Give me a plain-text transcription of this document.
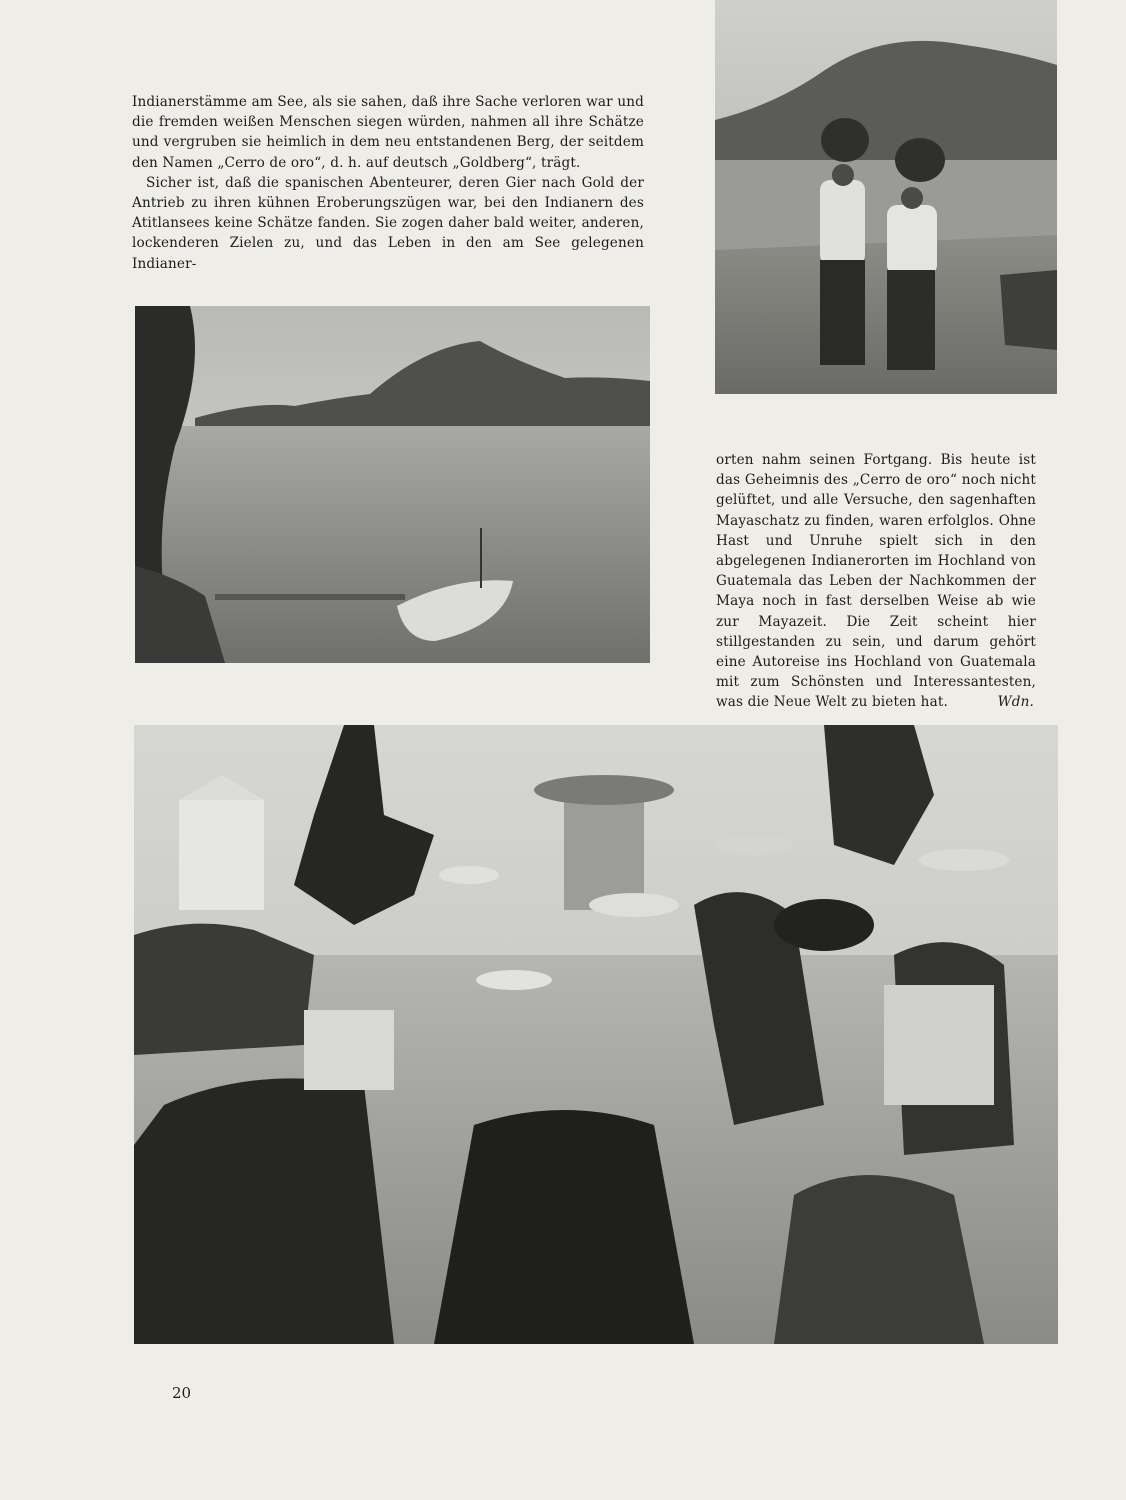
Indianerstämme am See, als sie sahen, daß ihre Sache verloren war und die fremden weißen Menschen siegen würden, nahmen all ihre Schätze und vergruben sie heimlich in dem neu entstandenen Berg, der seitdem den Namen „Cerro de oro“, d. h. auf deutsch „Goldberg“, trägt.

Sicher ist, daß die spanischen Abenteurer, deren Gier nach Gold der Antrieb zu ihren kühnen Eroberungszügen war, bei den Indianern des Atitlansees keine Schätze fanden. Sie zogen daher bald weiter, anderen, lockenderen Zielen zu, und das Leben in den am See gelegenen Indianer-

orten nahm seinen Fortgang. Bis heute ist das Geheimnis des „Cerro de oro“ noch nicht gelüftet, und alle Versuche, den sagenhaften Mayaschatz zu finden, waren erfolglos. Ohne Hast und Unruhe spielt sich in den abgelegenen Indianerorten im Hochland von Guatemala das Leben der Nachkommen der Maya noch in fast derselben Weise ab wie zur Mayazeit. Die Zeit scheint hier stillgestanden zu sein, und darum gehört eine Autoreise ins Hochland von Guatemala mit zum Schönsten und Interessantesten, was die Neue Welt zu bieten hat.	Wdn.

20
